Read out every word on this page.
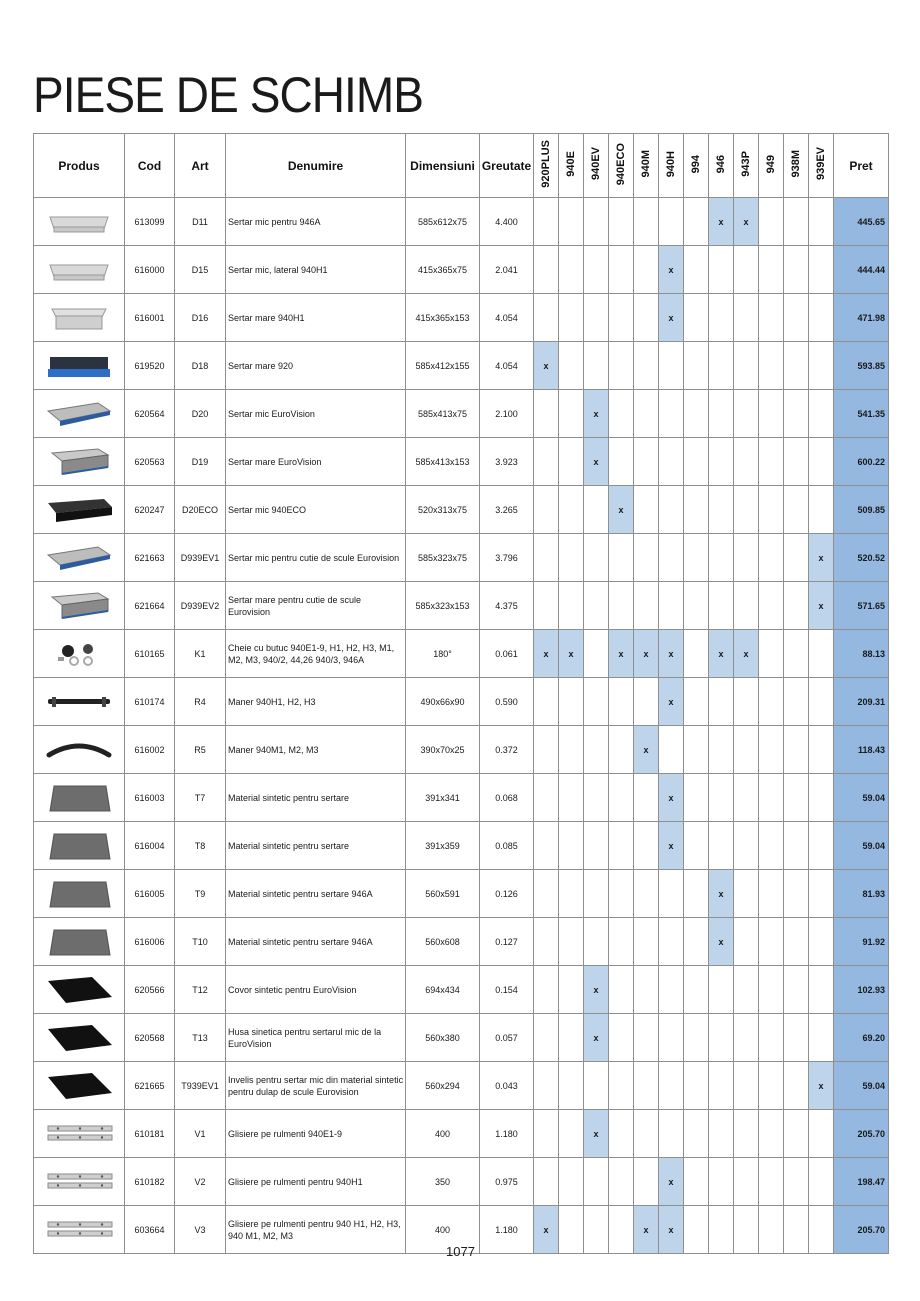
PIESE DE SCHIMB
Produs	Cod	Art	Denumire	Dimensiuni	Greutate	920PLUS	940E	940EV	940ECO	940M	940H	994	946	943P	949	938M	939EV	Pret

	613099	D11	Sertar mic pentru 946A	585x612x75	4.400								x	x				445.65

	616000	D15	Sertar mic, lateral 940H1	415x365x75	2.041						x							444.44

	616001	D16	Sertar mare 940H1	415x365x153	4.054						x							471.98

	619520	D18	Sertar mare 920	585x412x155	4.054	x												593.85

	620564	D20	Sertar mic EuroVision	585x413x75	2.100			x										541.35

	620563	D19	Sertar mare EuroVision	585x413x153	3.923			x										600.22

	620247	D20ECO	Sertar mic 940ECO	520x313x75	3.265				x									509.85

	621663	D939EV1	Sertar mic pentru cutie de scule Eurovision	585x323x75	3.796												x	520.52

	621664	D939EV2	Sertar mare pentru cutie de scule Eurovision	585x323x153	4.375												x	571.65

	610165	K1	Cheie cu butuc 940E1-9, H1, H2, H3, M1, M2, M3, 940/2, 44,26 940/3, 946A	180°	0.061	x	x		x	x	x		x	x				88.13

	610174	R4	Maner 940H1, H2, H3	490x66x90	0.590						x							209.31

	616002	R5	Maner 940M1, M2, M3	390x70x25	0.372					x								118.43

	616003	T7	Material sintetic pentru sertare	391x341	0.068						x							59.04

	616004	T8	Material sintetic pentru sertare	391x359	0.085						x							59.04

	616005	T9	Material sintetic pentru sertare 946A	560x591	0.126								x					81.93

	616006	T10	Material sintetic pentru sertare 946A	560x608	0.127								x					91.92

	620566	T12	Covor sintetic pentru EuroVision	694x434	0.154			x										102.93

	620568	T13	Husa sinetica pentru sertarul mic de la EuroVision	560x380	0.057			x										69.20

	621665	T939EV1	Invelis pentru sertar mic din material sintetic pentru dulap de scule Eurovision	560x294	0.043												x	59.04

	610181	V1	Glisiere pe rulmenti 940E1-9	400	1.180			x										205.70

	610182	V2	Glisiere pe rulmenti pentru 940H1	350	0.975						x							198.47

	603664	V3	Glisiere pe rulmenti pentru 940 H1, H2, H3, 940 M1, M2, M3	400	1.180	x				x	x							205.70
1077
